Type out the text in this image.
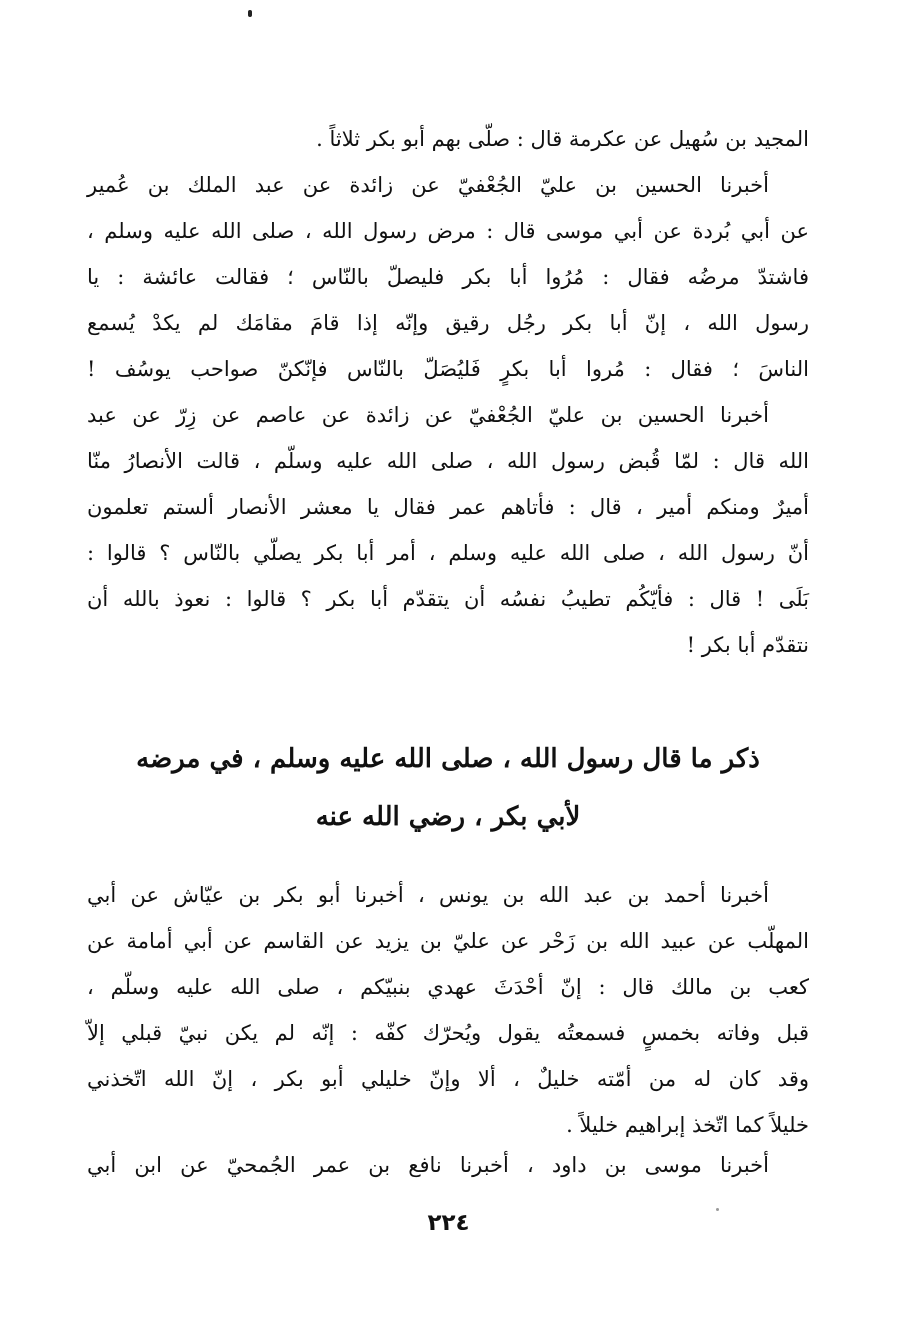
المجيد بن سُهيل عن عكرمة قال : صلّى بهم أبو بكر ثلاثاً .
أخبرنا الحسين بن عليّ الجُعْفيّ عن زائدة عن عبد الملك بن عُمير
عن أبي بُردة عن أبي موسى قال : مرض رسول الله ، صلى الله عليه وسلم ،
فاشتدّ مرضُه فقال : مُرُوا أبا بكر فليصلّ بالنّاس ؛ فقالت عائشة : يا
رسول الله ، إنّ أبا بكر رجُل رقيق وإنّه إذا قامَ مقامَك لم يكدْ يُسمع
الناسَ ؛ فقال : مُروا أبا بكرٍ فَليُصَلّ بالنّاس فإنّكنّ صواحب يوسُف !
أخبرنا الحسين بن عليّ الجُعْفيّ عن زائدة عن عاصم عن زِرّ عن عبد
الله قال : لمّا قُبض رسول الله ، صلى الله عليه وسلّم ، قالت الأنصارُ منّا
أميرٌ ومنكم أمير ، قال : فأتاهم عمر فقال يا معشر الأنصار ألستم تعلمون
أنّ رسول الله ، صلى الله عليه وسلم ، أمر أبا بكر يصلّي بالنّاس ؟ قالوا :
بَلَى ! قال : فأيّكُم تطيبُ نفسُه أن يتقدّم أبا بكر ؟ قالوا : نعوذ بالله أن
نتقدّم أبا بكر !
ذكر ما قال رسول الله ، صلى الله عليه وسلم ، في مرضه
لأبي بكر ، رضي الله عنه
أخبرنا أحمد بن عبد الله بن يونس ، أخبرنا أبو بكر بن عيّاش عن أبي
المهلّب عن عبيد الله بن زَحْر عن عليّ بن يزيد عن القاسم عن أبي أمامة عن
كعب بن مالك قال : إنّ أحْدَثَ عهدي بنبيّكم ، صلى الله عليه وسلّم ،
قبل وفاته بخمسٍ فسمعتُه يقول ويُحرّك كفّه : إنّه لم يكن نبيّ قبلي إلاّ
وقد كان له من أمّته خليلٌ ، ألا وإنّ خليلي أبو بكر ، إنّ الله اتّخذني
خليلاً كما اتّخذ إبراهيم خليلاً .
أخبرنا موسى بن داود ، أخبرنا نافع بن عمر الجُمحيّ عن ابن أبي
٢٢٤
